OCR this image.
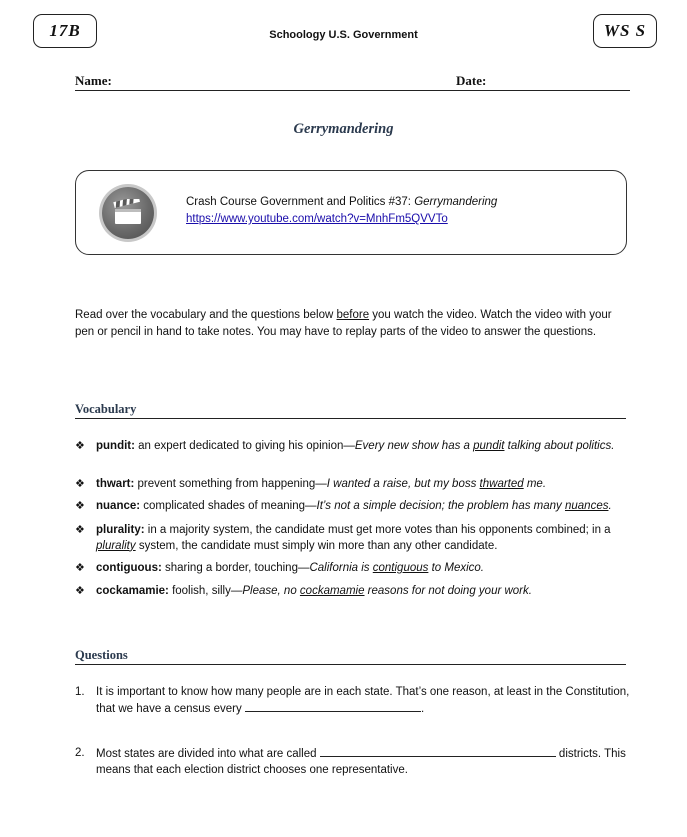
17B	Schoology U.S. Government	WS S
Name:	Date:
Gerrymandering
Crash Course Government and Politics #37: Gerrymandering
https://www.youtube.com/watch?v=MnhFm5QVVTo
Read over the vocabulary and the questions below before you watch the video. Watch the video with your pen or pencil in hand to take notes. You may have to replay parts of the video to answer the questions.
Vocabulary
❖ pundit: an expert dedicated to giving his opinion—Every new show has a pundit talking about politics.
❖ thwart: prevent something from happening—I wanted a raise, but my boss thwarted me.
❖ nuance: complicated shades of meaning—It’s not a simple decision; the problem has many nuances.
❖ plurality: in a majority system, the candidate must get more votes than his opponents combined; in a plurality system, the candidate must simply win more than any other candidate.
❖ contiguous: sharing a border, touching—California is contiguous to Mexico.
❖ cockamamie: foolish, silly—Please, no cockamamie reasons for not doing your work.
Questions
1. It is important to know how many people are in each state. That’s one reason, at least in the Constitution, that we have a census every	.
2. Most states are divided into what are called	districts. This means that each election district chooses one representative.
